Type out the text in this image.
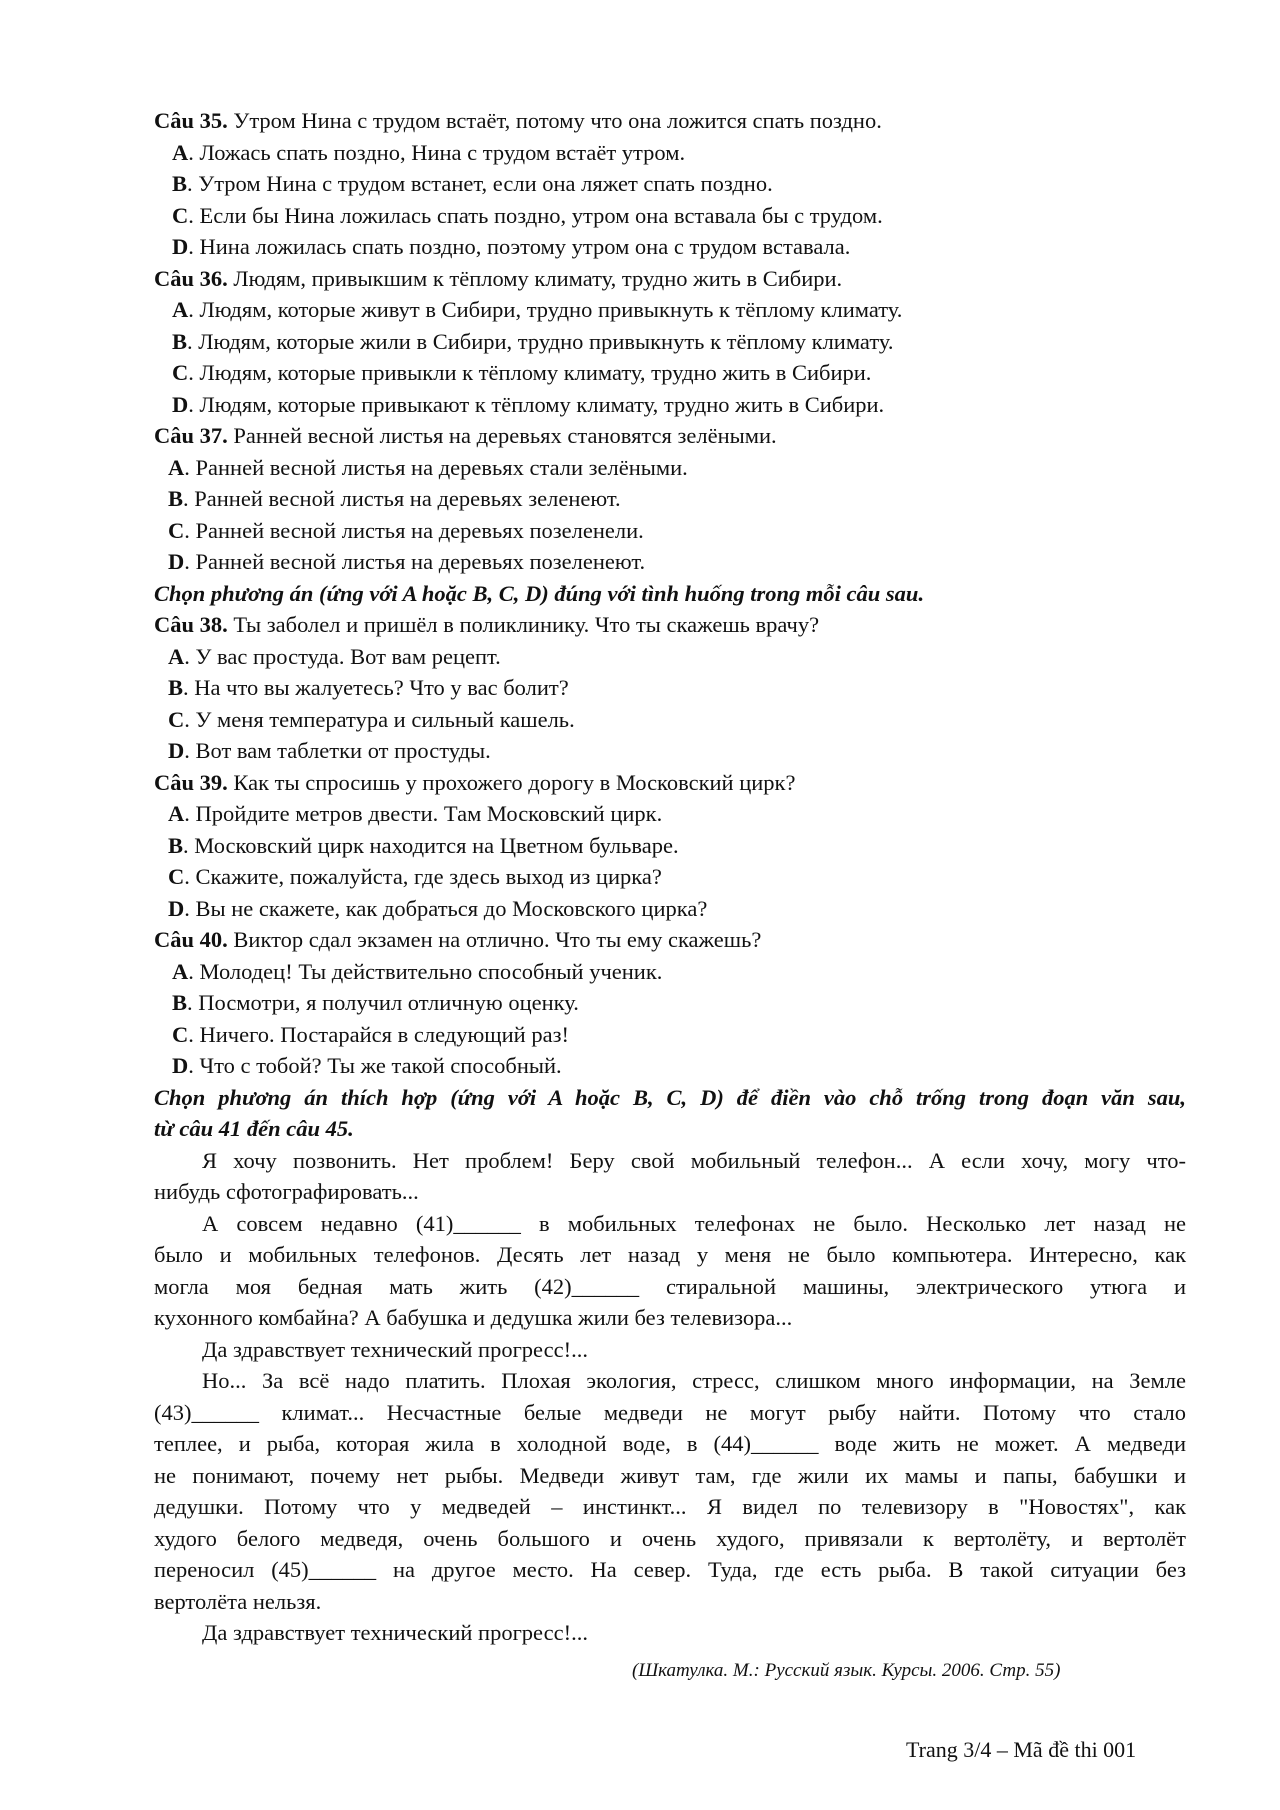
Câu 35. Утром Нина с трудом встаёт, потому что она ложится спать поздно.
A. Ложась спать поздно, Нина с трудом встаёт утром.
B. Утром Нина с трудом встанет, если она ляжет спать поздно.
C. Если бы Нина ложилась спать поздно, утром она вставала бы с трудом.
D. Нина ложилась спать поздно, поэтому утром она с трудом вставала.
Câu 36. Людям, привыкшим к тёплому климату, трудно жить в Сибири.
A. Людям, которые живут в Сибири, трудно привыкнуть к тёплому климату.
B. Людям, которые жили в Сибири, трудно привыкнуть к тёплому климату.
C. Людям, которые привыкли к тёплому климату, трудно жить в Сибири.
D. Людям, которые привыкают к тёплому климату, трудно жить в Сибири.
Câu 37. Ранней весной листья на деревьях становятся зелёными.
A. Ранней весной листья на деревьях стали зелёными.
B. Ранней весной листья на деревьях зеленеют.
C. Ранней весной листья на деревьях позеленели.
D. Ранней весной листья на деревьях позеленеют.
Chọn phương án (ứng với A hoặc B, C, D) đúng với tình huống trong mỗi câu sau.
Câu 38. Ты заболел и пришёл в поликлинику. Что ты скажешь врачу?
A. У вас простуда. Вот вам рецепт.
B. На что вы жалуетесь? Что у вас болит?
C. У меня температура и сильный кашель.
D. Вот вам таблетки от простуды.
Câu 39. Как ты спросишь у прохожего дорогу в Московский цирк?
A. Пройдите метров двести. Там Московский цирк.
B. Московский цирк находится на Цветном бульваре.
C. Скажите, пожалуйста, где здесь выход из цирка?
D. Вы не скажете, как добраться до Московского цирка?
Câu 40. Виктор сдал экзамен на отлично. Что ты ему скажешь?
A. Молодец! Ты действительно способный ученик.
B. Посмотри, я получил отличную оценку.
C. Ничего. Постарайся в следующий раз!
D. Что с тобой? Ты же такой способный.
Chọn phương án thích hợp (ứng với A hoặc B, C, D) để điền vào chỗ trống trong đoạn văn sau,
từ câu 41 đến câu 45.
Я хочу позвонить. Нет проблем! Беру свой мобильный телефон... А если хочу, могу что-
нибудь сфотографировать...
А совсем недавно (41)______ в мобильных телефонах не было. Несколько лет назад не
было и мобильных телефонов. Десять лет назад у меня не было компьютера. Интересно, как
могла моя бедная мать жить (42)______ стиральной машины, электрического утюга и
кухонного комбайна? А бабушка и дедушка жили без телевизора...
Да здравствует технический прогресс!...
Но... За всё надо платить. Плохая экология, стресс, слишком много информации, на Земле
(43)______ климат... Несчастные белые медведи не могут рыбу найти. Потому что стало
теплее, и рыба, которая жила в холодной воде, в (44)______ воде жить не может. А медведи
не понимают, почему нет рыбы. Медведи живут там, где жили их мамы и папы, бабушки и
дедушки. Потому что у медведей – инстинкт... Я видел по телевизору в "Новостях", как
худого белого медведя, очень большого и очень худого, привязали к вертолёту, и вертолёт
переносил (45)______ на другое место. На север. Туда, где есть рыба. В такой ситуации без
вертолёта нельзя.
Да здравствует технический прогресс!...
(Шкатулка. М.: Русский язык. Курсы. 2006. Стр. 55)
Trang 3/4 – Mã đề thi 001
